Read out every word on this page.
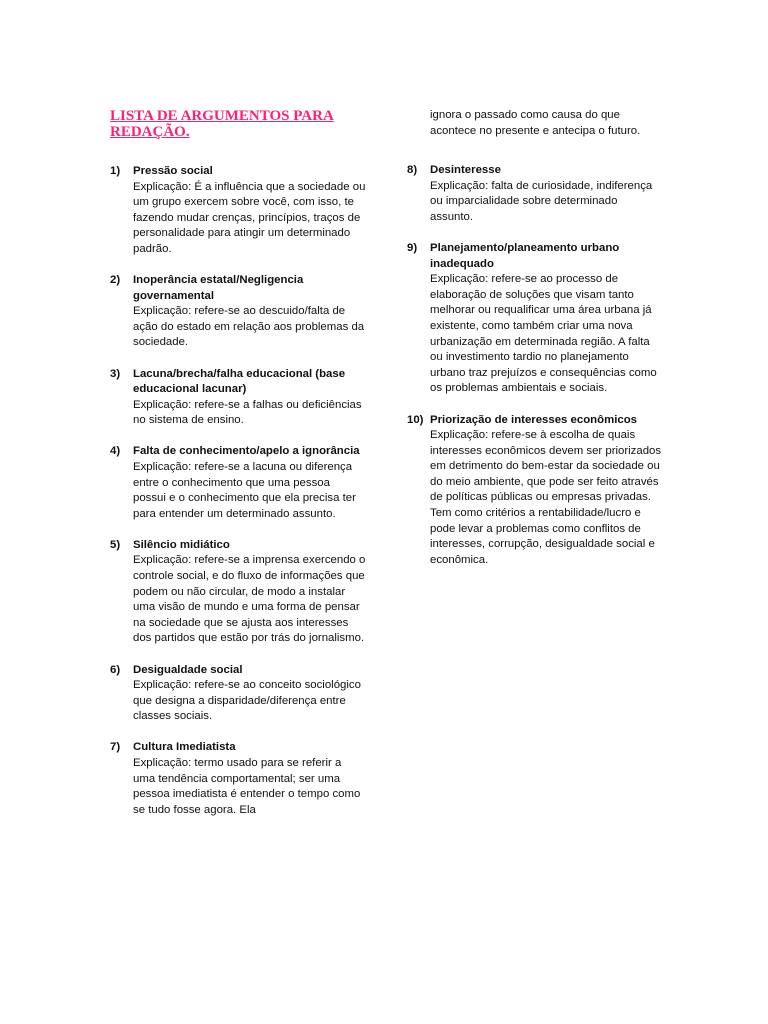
LISTA DE ARGUMENTOS PARA REDAÇÃO.
1) Pressão social
Explicação: É a influência que a sociedade ou um grupo exercem sobre você, com isso, te fazendo mudar crenças, princípios, traços de personalidade para atingir um determinado padrão.
2) Inoperância estatal/Negligencia governamental
Explicação: refere-se ao descuido/falta de ação do estado em relação aos problemas da sociedade.
3) Lacuna/brecha/falha educacional (base educacional lacunar)
Explicação: refere-se a falhas ou deficiências no sistema de ensino.
4) Falta de conhecimento/apelo a ignorância
Explicação: refere-se a lacuna ou diferença entre o conhecimento que uma pessoa possui e o conhecimento que ela precisa ter para entender um determinado assunto.
5) Silêncio midiático
Explicação: refere-se a imprensa exercendo o controle social, e do fluxo de informações que podem ou não circular, de modo a instalar uma visão de mundo e uma forma de pensar na sociedade que se ajusta aos interesses dos partidos que estão por trás do jornalismo.
6) Desigualdade social
Explicação: refere-se ao conceito sociológico que designa a disparidade/diferença entre classes sociais.
7) Cultura Imediatista
Explicação: termo usado para se referir a uma tendência comportamental; ser uma pessoa imediatista é entender o tempo como se tudo fosse agora. Ela
ignora o passado como causa do que acontece no presente e antecipa o futuro.
8) Desinteresse
Explicação: falta de curiosidade, indiferença ou imparcialidade sobre determinado assunto.
9) Planejamento/planeamento urbano inadequado
Explicação: refere-se ao processo de elaboração de soluções que visam tanto melhorar ou requalificar uma área urbana já existente, como também criar uma nova urbanização em determinada região. A falta ou investimento tardio no planejamento urbano traz prejuízos e consequências como os problemas ambientais e sociais.
10) Priorização de interesses econômicos
Explicação: refere-se à escolha de quais interesses econômicos devem ser priorizados em detrimento do bem-estar da sociedade ou do meio ambiente, que pode ser feito através de políticas públicas ou empresas privadas. Tem como critérios a rentabilidade/lucro e pode levar a problemas como conflitos de interesses, corrupção, desigualdade social e econômica.
